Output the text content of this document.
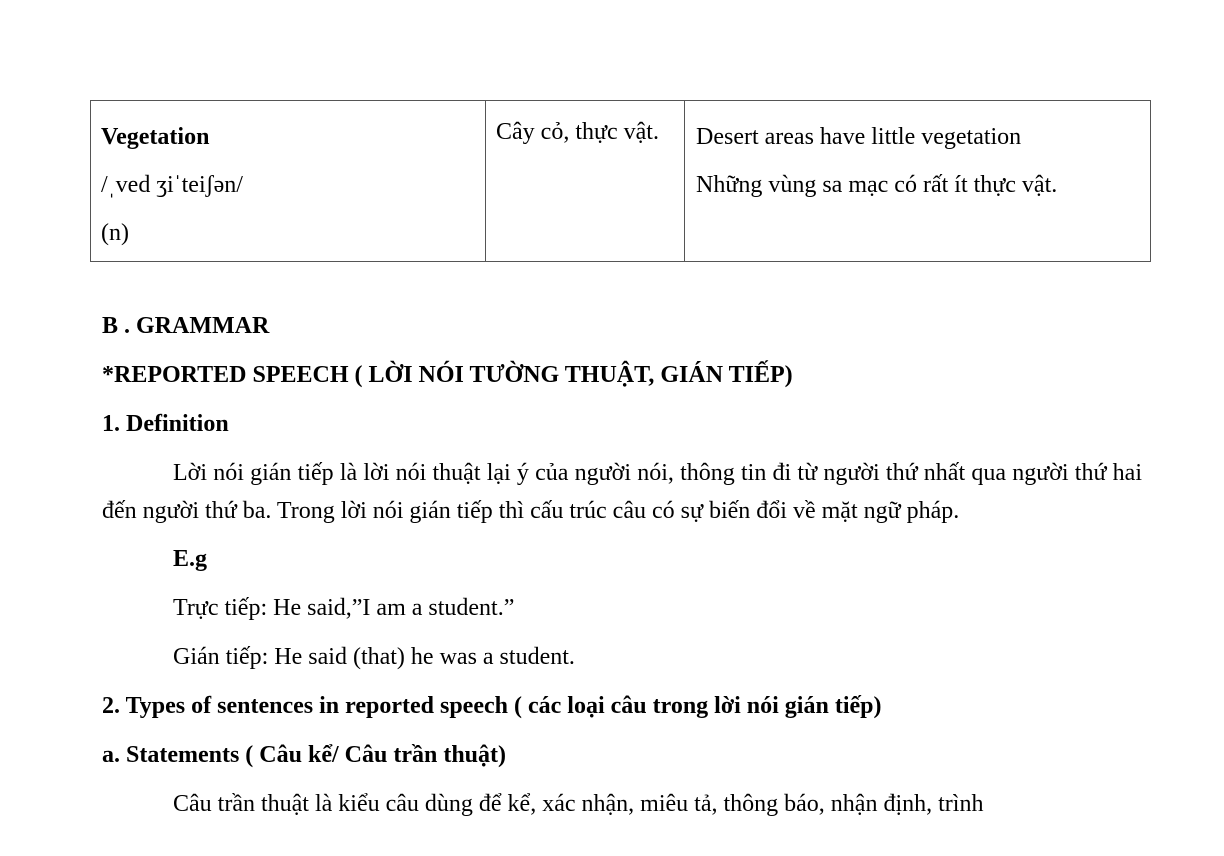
Vegetation
/ˌved ʒiˈteiʃən/
(n)
	Cây cỏ, thực vật.	Desert areas have little vegetation
Những vùng sa mạc có rất ít thực vật.
B . GRAMMAR
*REPORTED SPEECH ( LỜI NÓI TƯỜNG THUẬT, GIÁN TIẾP)
1. Definition
Lời nói gián tiếp là lời nói thuật lại ý của người nói, thông tin đi từ người thứ nhất qua người thứ hai đến người thứ ba. Trong lời nói gián tiếp thì cấu trúc câu có sự biến đổi về mặt ngữ pháp.
E.g
Trực tiếp: He said,”I am a student.”
Gián tiếp: He said (that) he was a student.
2. Types of sentences in reported speech ( các loại câu trong lời nói gián tiếp)
a. Statements ( Câu kể/ Câu trần thuật)
Câu trần thuật là kiểu câu dùng để kể, xác nhận, miêu tả, thông báo, nhận định, trình
